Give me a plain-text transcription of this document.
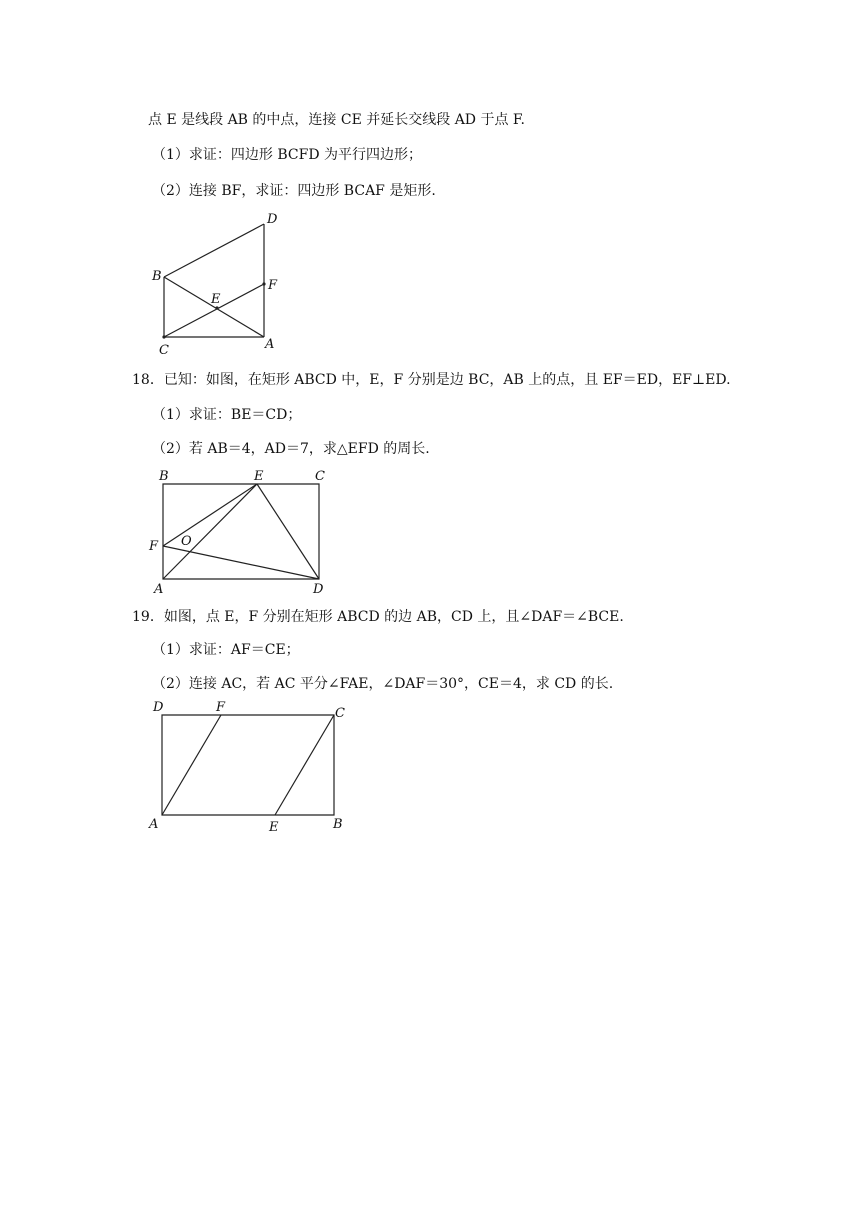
点 E 是线段 AB 的中点，连接 CE 并延长交线段 AD 于点 F.
（1）求证：四边形 BCFD 为平行四边形；
（2）连接 BF，求证：四边形 BCAF 是矩形.
D
B
E
F
C	A
18．已知：如图，在矩形 ABCD 中，E，F 分别是边 BC，AB 上的点，且 EF＝ED，EF⊥ED.
（1）求证：BE＝CD；
（2）若 AB＝4，AD＝7，求△EFD 的周长.
B	E	C
F O
A	D
19．如图，点 E，F 分别在矩形 ABCD 的边 AB，CD 上，且∠DAF＝∠BCE.
（1）求证：AF＝CE；
（2）连接 AC，若 AC 平分∠FAE，∠DAF＝30°，CE＝4，求 CD 的长.
D	F	C
A	E	B
